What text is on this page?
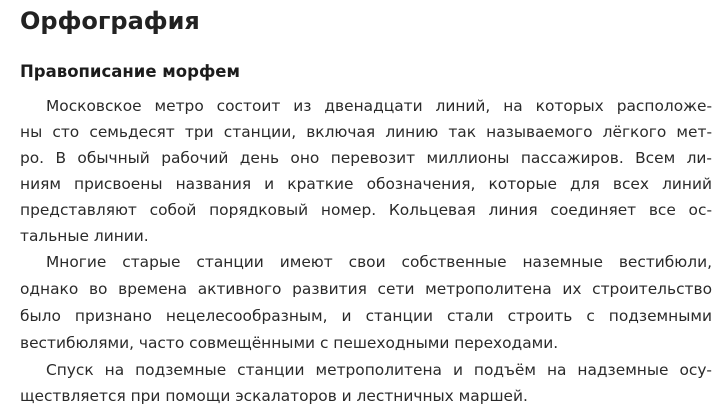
Орфография
Правописание морфем
Московское метро состоит из двенадцати линий, на которых расположе-
ны сто семьдесят три станции, включая линию так называемого лёгкого мет-
ро. В обычный рабочий день оно перевозит миллионы пассажиров. Всем ли-
ниям присвоены названия и краткие обозначения, которые для всех линий
представляют собой порядковый номер. Кольцевая линия соединяет все ос-
тальные линии.
Многие старые станции имеют свои собственные наземные вестибюли,
однако во времена активного развития сети метрополитена их строительство
было признано нецелесообразным, и станции стали строить с подземными
вестибюлями, часто совмещёнными с пешеходными переходами.
Спуск на подземные станции метрополитена и подъём на надземные осу-
ществляется при помощи эскалаторов и лестничных маршей.
